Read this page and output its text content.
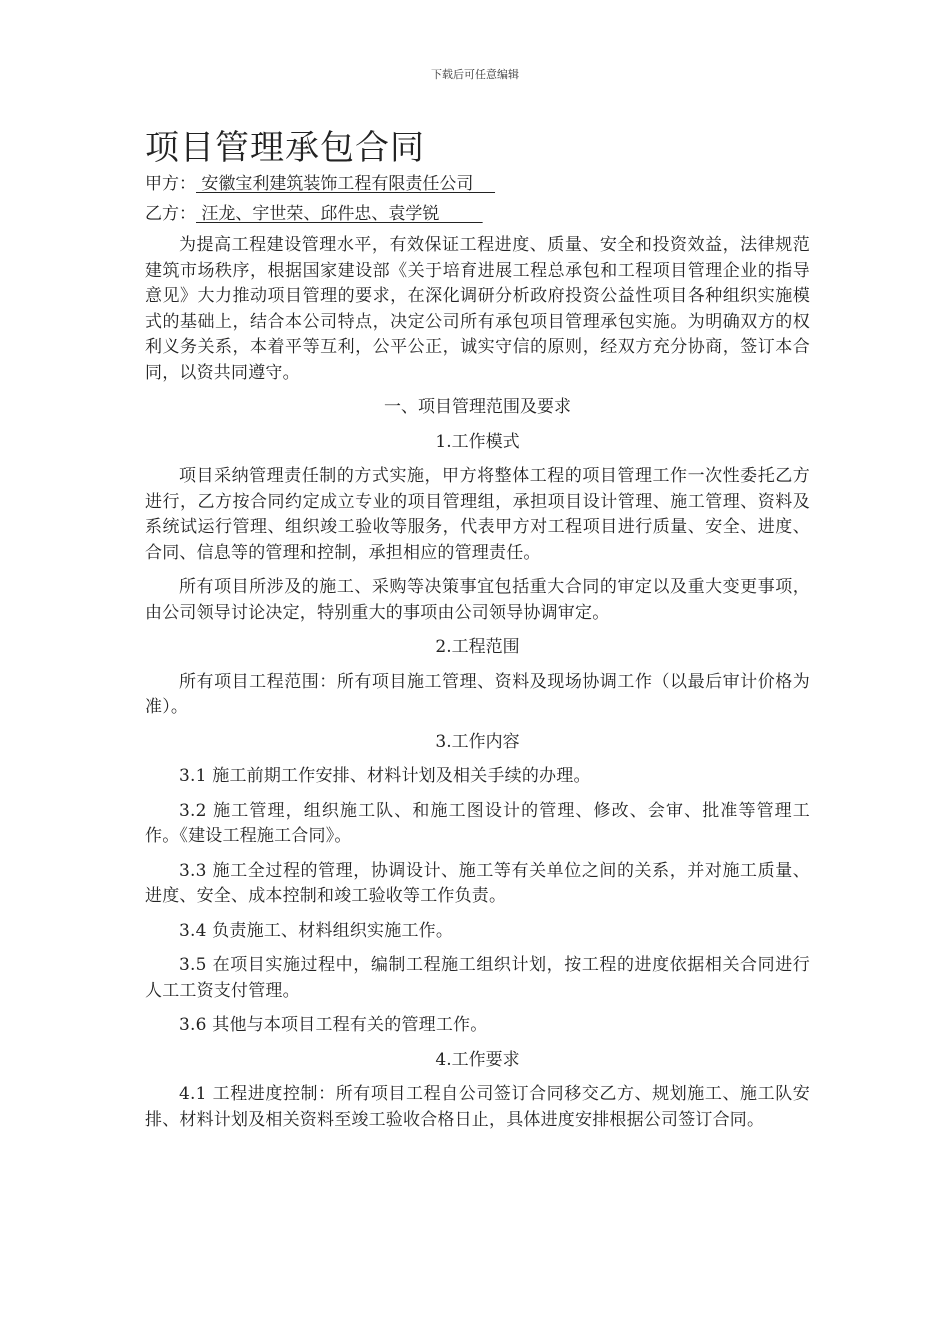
下载后可任意编辑
项目管理承包合同
甲方： 安徽宝利建筑装饰工程有限责任公司
乙方： 汪龙、宇世荣、邱件忠、袁学锐

为提高工程建设管理水平，有效保证工程进度、质量、安全和投资效益，法律规范建筑市场秩序，根据国家建设部《关于培育进展工程总承包和工程项目管理企业的指导意见》大力推动项目管理的要求，在深化调研分析政府投资公益性项目各种组织实施模式的基础上，结合本公司特点，决定公司所有承包项目管理承包实施。为明确双方的权利义务关系，本着平等互利，公平公正，诚实守信的原则，经双方充分协商，签订本合同，以资共同遵守。

一、项目管理范围及要求
1.工作模式

项目采纳管理责任制的方式实施，甲方将整体工程的项目管理工作一次性委托乙方进行，乙方按合同约定成立专业的项目管理组，承担项目设计管理、施工管理、资料及系统试运行管理、组织竣工验收等服务，代表甲方对工程项目进行质量、安全、进度、合同、信息等的管理和控制，承担相应的管理责任。

所有项目所涉及的施工、采购等决策事宜包括重大合同的审定以及重大变更事项，由公司领导讨论决定，特别重大的事项由公司领导协调审定。

2.工程范围

所有项目工程范围：所有项目施工管理、资料及现场协调工作（以最后审计价格为准）。

3.工作内容

3.1 施工前期工作安排、材料计划及相关手续的办理。

3.2 施工管理，组织施工队、和施工图设计的管理、修改、会审、批准等管理工作。《建设工程施工合同》。

3.3 施工全过程的管理，协调设计、施工等有关单位之间的关系，并对施工质量、进度、安全、成本控制和竣工验收等工作负责。

3.4 负责施工、材料组织实施工作。

3.5 在项目实施过程中，编制工程施工组织计划，按工程的进度依据相关合同进行人工工资支付管理。

3.6 其他与本项目工程有关的管理工作。

4.工作要求

4.1 工程进度控制：所有项目工程自公司签订合同移交乙方、规划施工、施工队安排、材料计划及相关资料至竣工验收合格日止，具体进度安排根据公司签订合同。
